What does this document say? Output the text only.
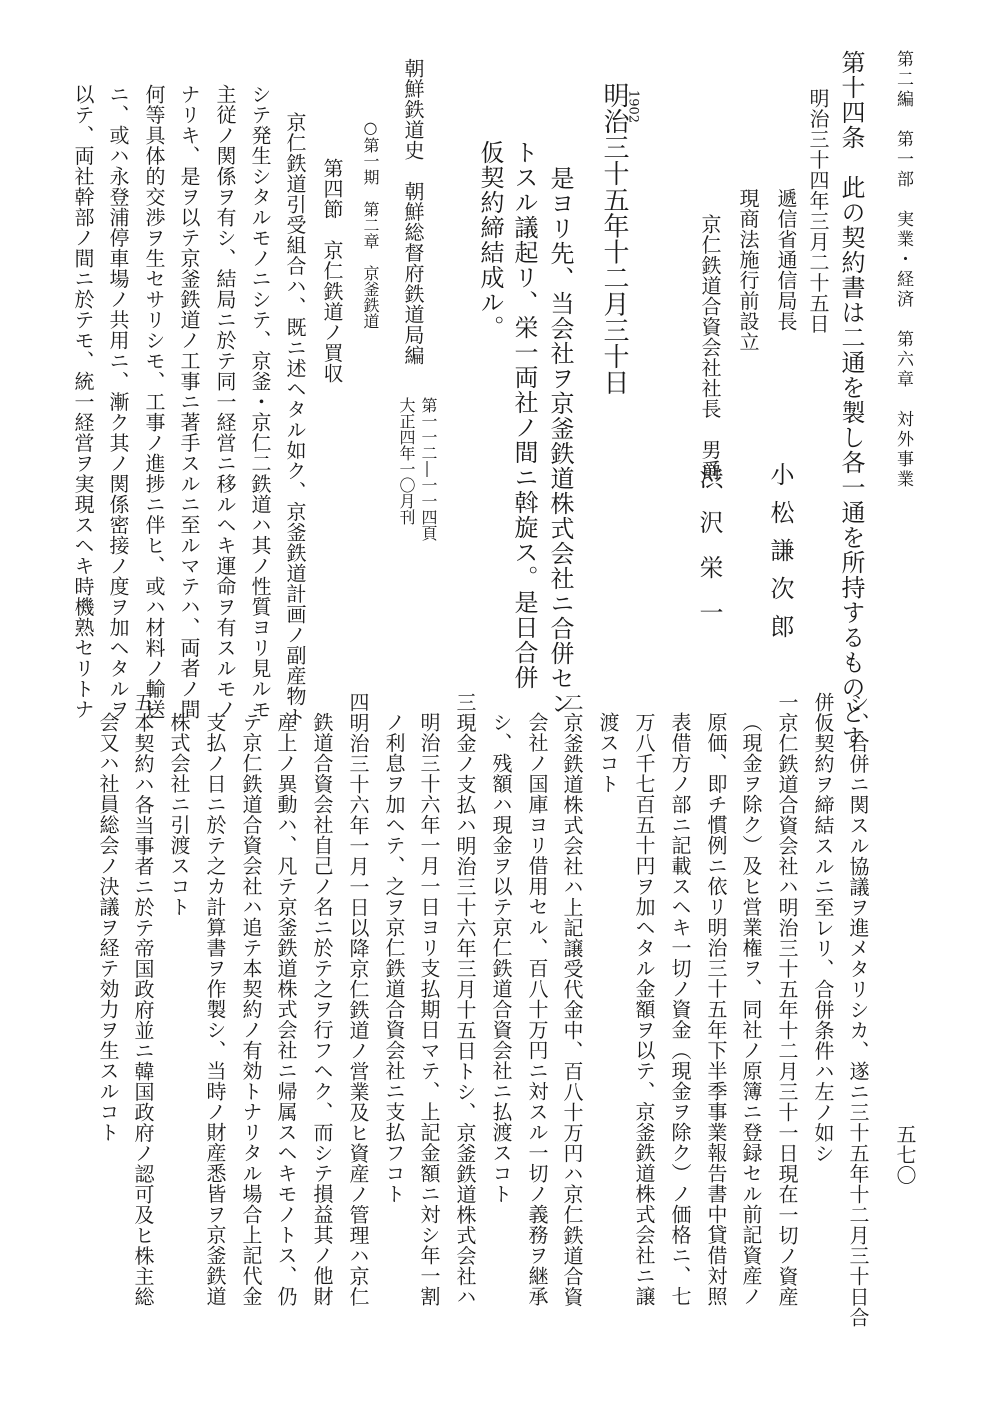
第二編　第一部　実業・経済　第六章　対外事業
五七〇
第十四条　此の契約書は二通を製し各一通を所持するものとす
明治三十四年三月二十五日
遞信省通信局長
小松謙次郎
現商法施行前設立
京仁鉄道合資会社社長　男爵
渋沢栄一
1902
明治三十五年十二月三十日
是ヨリ先、当会社ヲ京釜鉄道株式会社ニ合併セン
トスル議起リ、栄一両社ノ間ニ斡旋ス。是日合併
仮契約締結成ル。
朝鮮鉄道史　朝鮮総督府鉄道局編
第一一二―一一四頁
大正四年一〇月刊
○第一期　第二章　京釜鉄道
第四節　京仁鉄道ノ買収
京仁鉄道引受組合ハ、既ニ述ヘタル如ク、京釜鉄道計画ノ副産物ト
シテ発生シタルモノニシテ、京釜・京仁二鉄道ハ其ノ性質ヨリ見ルモ
主従ノ関係ヲ有シ、結局ニ於テ同一経営ニ移ルヘキ運命ヲ有スルモノ
ナリキ、是ヲ以テ京釜鉄道ノ工事ニ著手スルニ至ルマテハ、両者ノ間
何等具体的交渉ヲ生セサリシモ、工事ノ進捗ニ伴ヒ、或ハ材料ノ輸送
ニ、或ハ永登浦停車場ノ共用ニ、漸ク其ノ関係密接ノ度ヲ加ヘタルヲ
以テ、両社幹部ノ間ニ於テモ、統一経営ヲ実現スヘキ時機熟セリトナ
シ、合併ニ関スル協議ヲ進メタリシカ、遂ニ三十五年十二月三十日合
併仮契約ヲ締結スルニ至レリ、合併条件ハ左ノ如シ
一京仁鉄道合資会社ハ明治三十五年十二月三十一日現在一切ノ資産
（現金ヲ除ク）及ヒ営業権ヲ、同社ノ原簿ニ登録セル前記資産ノ
原価、即チ慣例ニ依リ明治三十五年下半季事業報告書中貸借対照
表借方ノ部ニ記載スヘキ一切ノ資金（現金ヲ除ク）ノ価格ニ、七
万八千七百五十円ヲ加ヘタル金額ヲ以テ、京釜鉄道株式会社ニ譲
渡スコト
二京釜鉄道株式会社ハ上記譲受代金中、百八十万円ハ京仁鉄道合資
会社ノ国庫ヨリ借用セル、百八十万円ニ対スル一切ノ義務ヲ継承
シ、残額ハ現金ヲ以テ京仁鉄道合資会社ニ払渡スコト
三現金ノ支払ハ明治三十六年三月十五日トシ、京釜鉄道株式会社ハ
明治三十六年一月一日ヨリ支払期日マテ、上記金額ニ対シ年一割
ノ利息ヲ加ヘテ、之ヲ京仁鉄道合資会社ニ支払フコト
四明治三十六年一月一日以降京仁鉄道ノ営業及ヒ資産ノ管理ハ京仁
鉄道合資会社自己ノ名ニ於テ之ヲ行フヘク、而シテ損益其ノ他財
産上ノ異動ハ、凡テ京釜鉄道株式会社ニ帰属スヘキモノトス、仍
テ京仁鉄道合資会社ハ追テ本契約ノ有効トナリタル場合上記代金
支払ノ日ニ於テ之カ計算書ヲ作製シ、当時ノ財産悉皆ヲ京釜鉄道
株式会社ニ引渡スコト
五本契約ハ各当事者ニ於テ帝国政府並ニ韓国政府ノ認可及ヒ株主総
会又ハ社員総会ノ決議ヲ経テ効力ヲ生スルコト
